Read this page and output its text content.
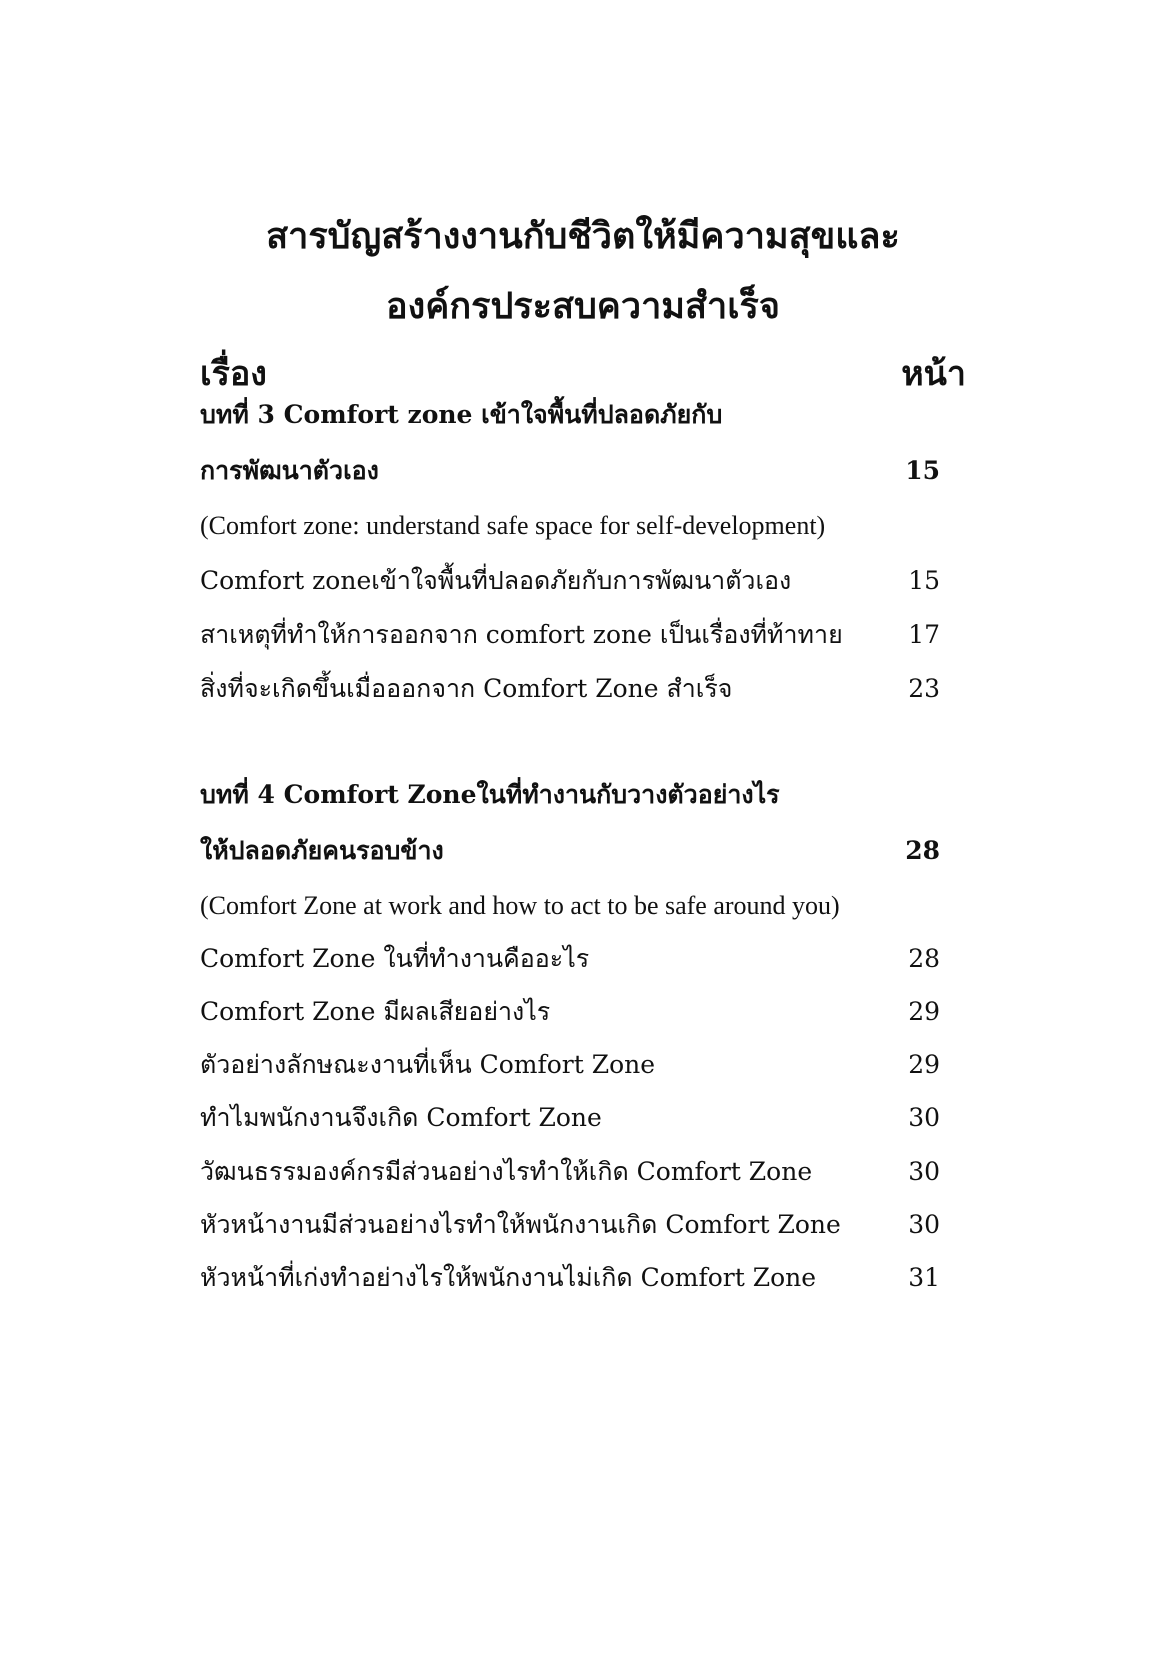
สารบัญสร้างงานกับชีวิตให้มีความสุขและ
องค์กรประสบความสำเร็จ
เรื่อง	หน้า
บทที่ 3 Comfort zone เข้าใจพื้นที่ปลอดภัยกับ
การพัฒนาตัวเอง	15
(Comfort zone: understand safe space for self-development)
Comfort zoneเข้าใจพื้นที่ปลอดภัยกับการพัฒนาตัวเอง	15
สาเหตุที่ทำให้การออกจาก comfort zone เป็นเรื่องที่ท้าทาย	17
สิ่งที่จะเกิดขึ้นเมื่อออกจาก Comfort Zone สำเร็จ	23
บทที่ 4 Comfort Zoneในที่ทำงานกับวางตัวอย่างไร
ให้ปลอดภัยคนรอบข้าง	28
(Comfort Zone at work and how to act to be safe around you)
Comfort Zone ในที่ทำงานคืออะไร	28
Comfort Zone มีผลเสียอย่างไร	29
ตัวอย่างลักษณะงานที่เห็น Comfort Zone	29
ทำไมพนักงานจึงเกิด Comfort Zone	30
วัฒนธรรมองค์กรมีส่วนอย่างไรทำให้เกิด Comfort Zone	30
หัวหน้างานมีส่วนอย่างไรทำให้พนักงานเกิด Comfort Zone	30
หัวหน้าที่เก่งทำอย่างไรให้พนักงานไม่เกิด Comfort Zone	31
